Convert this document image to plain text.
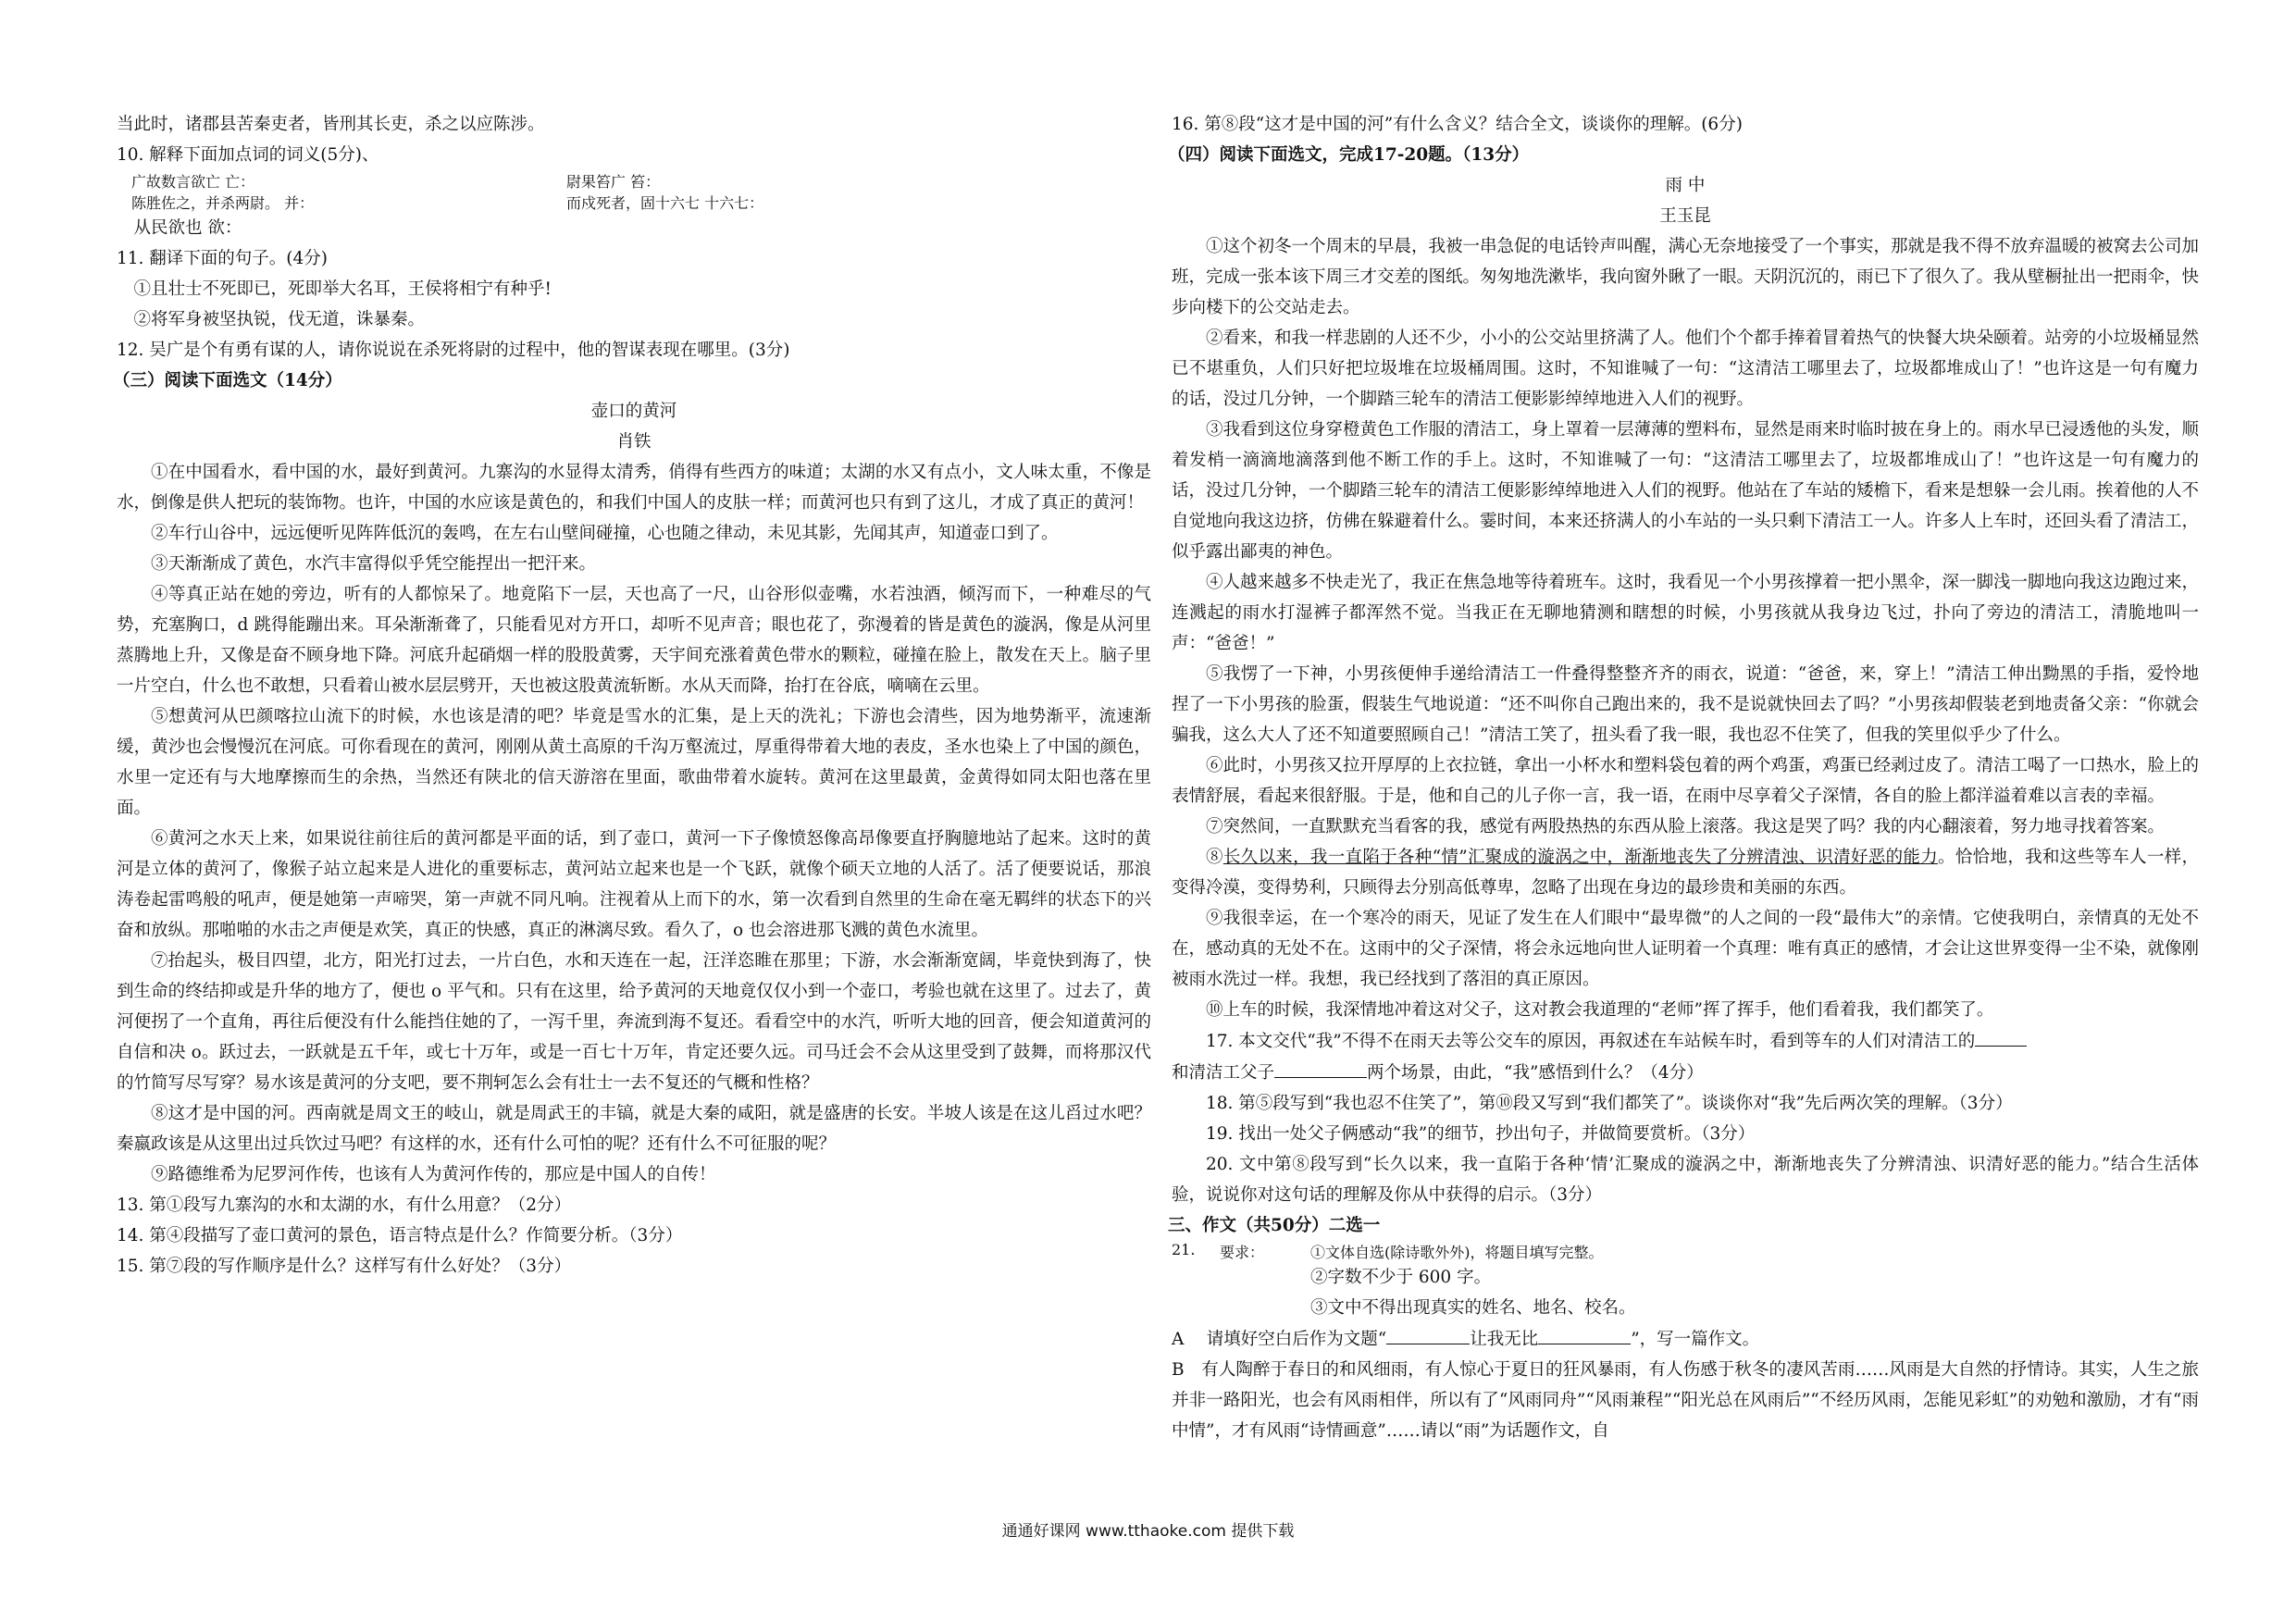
当此时，诸郡县苦秦吏者，皆刑其长吏，杀之以应陈涉。

10. 解释下面加点词的词义(5分)、

广故数言欲亡 亡：	尉果笞广 笞：
陈胜佐之，并杀两尉。 并：	而戍死者，固十六七 十六七：

从民欲也 欲：

11. 翻译下面的句子。(4分)

①且壮士不死即已，死即举大名耳，王侯将相宁有种乎!

②将军身被坚执锐，伐无道，诛暴秦。

12. 吴广是个有勇有谋的人，请你说说在杀死将尉的过程中，他的智谋表现在哪里。(3分)

（三）阅读下面选文（14分）

壶口的黄河

肖铁

①在中国看水，看中国的水，最好到黄河。九寨沟的水显得太清秀，俏得有些西方的味道；太湖的水又有点小，文人味太重，不像是水，倒像是供人把玩的装饰物。也许，中国的水应该是黄色的，和我们中国人的皮肤一样；而黄河也只有到了这儿，才成了真正的黄河！

②车行山谷中，远远便听见阵阵低沉的轰鸣，在左右山壁间碰撞，心也随之律动，未见其影，先闻其声，知道壶口到了。

③天渐渐成了黄色，水汽丰富得似乎凭空能捏出一把汗来。

④等真正站在她的旁边，听有的人都惊呆了。地竟陷下一层，天也高了一尺，山谷形似壶嘴，水若浊酒，倾泻而下，一种难尽的气势，充塞胸口，d 跳得能蹦出来。耳朵渐渐聋了，只能看见对方开口，却听不见声音；眼也花了，弥漫着的皆是黄色的漩涡，像是从河里蒸腾地上升，又像是奋不顾身地下降。河底升起硝烟一样的股股黄雾，天宇间充涨着黄色带水的颗粒，碰撞在脸上，散发在天上。脑子里一片空白，什么也不敢想，只看着山被水层层劈开，天也被这股黄流斩断。水从天而降，抬打在谷底，嘀嘀在云里。

⑤想黄河从巴颜喀拉山流下的时候，水也该是清的吧？毕竟是雪水的汇集，是上天的洗礼；下游也会清些，因为地势渐平，流速渐缓，黄沙也会慢慢沉在河底。可你看现在的黄河，刚刚从黄土高原的千沟万壑流过，厚重得带着大地的表皮，圣水也染上了中国的颜色，水里一定还有与大地摩擦而生的余热，当然还有陕北的信天游溶在里面，歌曲带着水旋转。黄河在这里最黄，金黄得如同太阳也落在里面。

⑥黄河之水天上来，如果说往前往后的黄河都是平面的话，到了壶口，黄河一下子像愤怒像高昂像要直抒胸臆地站了起来。这时的黄河是立体的黄河了，像猴子站立起来是人进化的重要标志，黄河站立起来也是一个飞跃，就像个硕天立地的人活了。活了便要说话，那浪涛卷起雷鸣般的吼声，便是她第一声啼哭，第一声就不同凡响。注视着从上而下的水，第一次看到自然里的生命在毫无羁绊的状态下的兴奋和放纵。那啪啪的水击之声便是欢笑，真正的快感，真正的淋漓尽致。看久了，o 也会溶进那飞溅的黄色水流里。

⑦抬起头，极目四望，北方，阳光打过去，一片白色，水和天连在一起，汪洋恣睢在那里；下游，水会渐渐宽阔，毕竟快到海了，快到生命的终结抑或是升华的地方了，便也 o 平气和。只有在这里，给予黄河的天地竟仅仅小到一个壶口，考验也就在这里了。过去了，黄河便拐了一个直角，再往后便没有什么能挡住她的了，一泻千里，奔流到海不复还。看看空中的水汽，听听大地的回音，便会知道黄河的自信和决 o。跃过去，一跃就是五千年，或七十万年，或是一百七十万年，肯定还要久远。司马迁会不会从这里受到了鼓舞，而将那汉代的竹简写尽写穿？易水该是黄河的分支吧，要不荆轲怎么会有壮士一去不复还的气概和性格？

⑧这才是中国的河。西南就是周文王的岐山，就是周武王的丰镐，就是大秦的咸阳，就是盛唐的长安。半坡人该是在这儿舀过水吧？秦嬴政该是从这里出过兵饮过马吧？有这样的水，还有什么可怕的呢？还有什么不可征服的呢？

⑨路德维希为尼罗河作传，也该有人为黄河作传的，那应是中国人的自传！

13. 第①段写九寨沟的水和太湖的水，有什么用意？（2分）

14. 第④段描写了壶口黄河的景色，语言特点是什么？作简要分析。（3分）

15. 第⑦段的写作顺序是什么？这样写有什么好处？（3分）

16. 第⑧段“这才是中国的河”有什么含义？结合全文，谈谈你的理解。(6分)

（四）阅读下面选文，完成17-20题。（13分）

雨 中

王玉昆

①这个初冬一个周末的早晨，我被一串急促的电话铃声叫醒，满心无奈地接受了一个事实，那就是我不得不放弃温暖的被窝去公司加班，完成一张本该下周三才交差的图纸。匆匆地洗漱毕，我向窗外瞅了一眼。天阴沉沉的，雨已下了很久了。我从壁橱扯出一把雨伞，快步向楼下的公交站走去。

②看来，和我一样悲剧的人还不少，小小的公交站里挤满了人。他们个个都手捧着冒着热气的快餐大块朵颐着。站旁的小垃圾桶显然已不堪重负，人们只好把垃圾堆在垃圾桶周围。这时，不知谁喊了一句：“这清洁工哪里去了，垃圾都堆成山了！”也许这是一句有魔力的话，没过几分钟，一个脚踏三轮车的清洁工便影影绰绰地进入人们的视野。

③我看到这位身穿橙黄色工作服的清洁工，身上罩着一层薄薄的塑料布，显然是雨来时临时披在身上的。雨水早已浸透他的头发，顺着发梢一滴滴地滴落到他不断工作的手上。这时，不知谁喊了一句：“这清洁工哪里去了，垃圾都堆成山了！”也许这是一句有魔力的话，没过几分钟，一个脚踏三轮车的清洁工便影影绰绰地进入人们的视野。他站在了车站的矮檐下，看来是想躲一会儿雨。挨着他的人不自觉地向我这边挤，仿佛在躲避着什么。霎时间，本来还挤满人的小车站的一头只剩下清洁工一人。许多人上车时，还回头看了清洁工，似乎露出鄙夷的神色。

④人越来越多不快走光了，我正在焦急地等待着班车。这时，我看见一个小男孩撑着一把小黑伞，深一脚浅一脚地向我这边跑过来，连溅起的雨水打湿裤子都浑然不觉。当我正在无聊地猜测和瞎想的时候，小男孩就从我身边飞过，扑向了旁边的清洁工，清脆地叫一声：“爸爸！”

⑤我愣了一下神，小男孩便伸手递给清洁工一件叠得整整齐齐的雨衣，说道：“爸爸，来，穿上！”清洁工伸出黝黑的手指，爱怜地捏了一下小男孩的脸蛋，假装生气地说道：“还不叫你自己跑出来的，我不是说就快回去了吗？”小男孩却假装老到地责备父亲：“你就会骗我，这么大人了还不知道要照顾自己！”清洁工笑了，扭头看了我一眼，我也忍不住笑了，但我的笑里似乎少了什么。

⑥此时，小男孩又拉开厚厚的上衣拉链，拿出一小杯水和塑料袋包着的两个鸡蛋，鸡蛋已经剥过皮了。清洁工喝了一口热水，脸上的表情舒展，看起来很舒服。于是，他和自己的儿子你一言，我一语，在雨中尽享着父子深情，各自的脸上都洋溢着难以言表的幸福。

⑦突然间，一直默默充当看客的我，感觉有两股热热的东西从脸上滚落。我这是哭了吗？我的内心翻滚着，努力地寻找着答案。

⑧长久以来，我一直陷于各种“情”汇聚成的漩涡之中，渐渐地丧失了分辨清浊、识清好恶的能力。恰恰地，我和这些等车人一样，变得冷漠，变得势利，只顾得去分别高低尊卑，忽略了出现在身边的最珍贵和美丽的东西。

⑨我很幸运，在一个寒冷的雨天，见证了发生在人们眼中“最卑微”的人之间的一段“最伟大”的亲情。它使我明白，亲情真的无处不在，感动真的无处不在。这雨中的父子深情，将会永远地向世人证明着一个真理：唯有真正的感情，才会让这世界变得一尘不染，就像刚被雨水洗过一样。我想，我已经找到了落泪的真正原因。

⑩上车的时候，我深情地冲着这对父子，这对教会我道理的“老师”挥了挥手，他们看着我，我们都笑了。

17. 本文交代“我”不得不在雨天去等公交车的原因，再叙述在车站候车时，看到等车的人们对清洁工的

和清洁工父子	两个场景，由此，“我”感悟到什么？（4分）

18. 第⑤段写到“我也忍不住笑了”，第⑩段又写到“我们都笑了”。谈谈你对“我”先后两次笑的理解。（3分）

19. 找出一处父子俩感动“我”的细节，抄出句子，并做简要赏析。（3分）

20. 文中第⑧段写到“长久以来，我一直陷于各种‘情’汇聚成的漩涡之中，渐渐地丧失了分辨清浊、识清好恶的能力。”结合生活体验，说说你对这句话的理解及你从中获得的启示。（3分）

三、作文（共50分）二选一

21.	要求：	①文体自选(除诗歌外外)，将题目填写完整。

②字数不少于 600 字。

③文中不得出现真实的姓名、地名、校名。

A　 请填好空白后作为文题“	让我无比	”，写一篇作文。

B　有人陶醉于春日的和风细雨，有人惊心于夏日的狂风暴雨，有人伤感于秋冬的凄风苦雨……风雨是大自然的抒情诗。其实，人生之旅并非一路阳光，也会有风雨相伴，所以有了“风雨同舟”“风雨兼程”“阳光总在风雨后”“不经历风雨，怎能见彩虹”的劝勉和激励，才有“雨中情”，才有风雨“诗情画意”……请以“雨”为话题作文，自

通通好课网 www.tthaoke.com 提供下载
